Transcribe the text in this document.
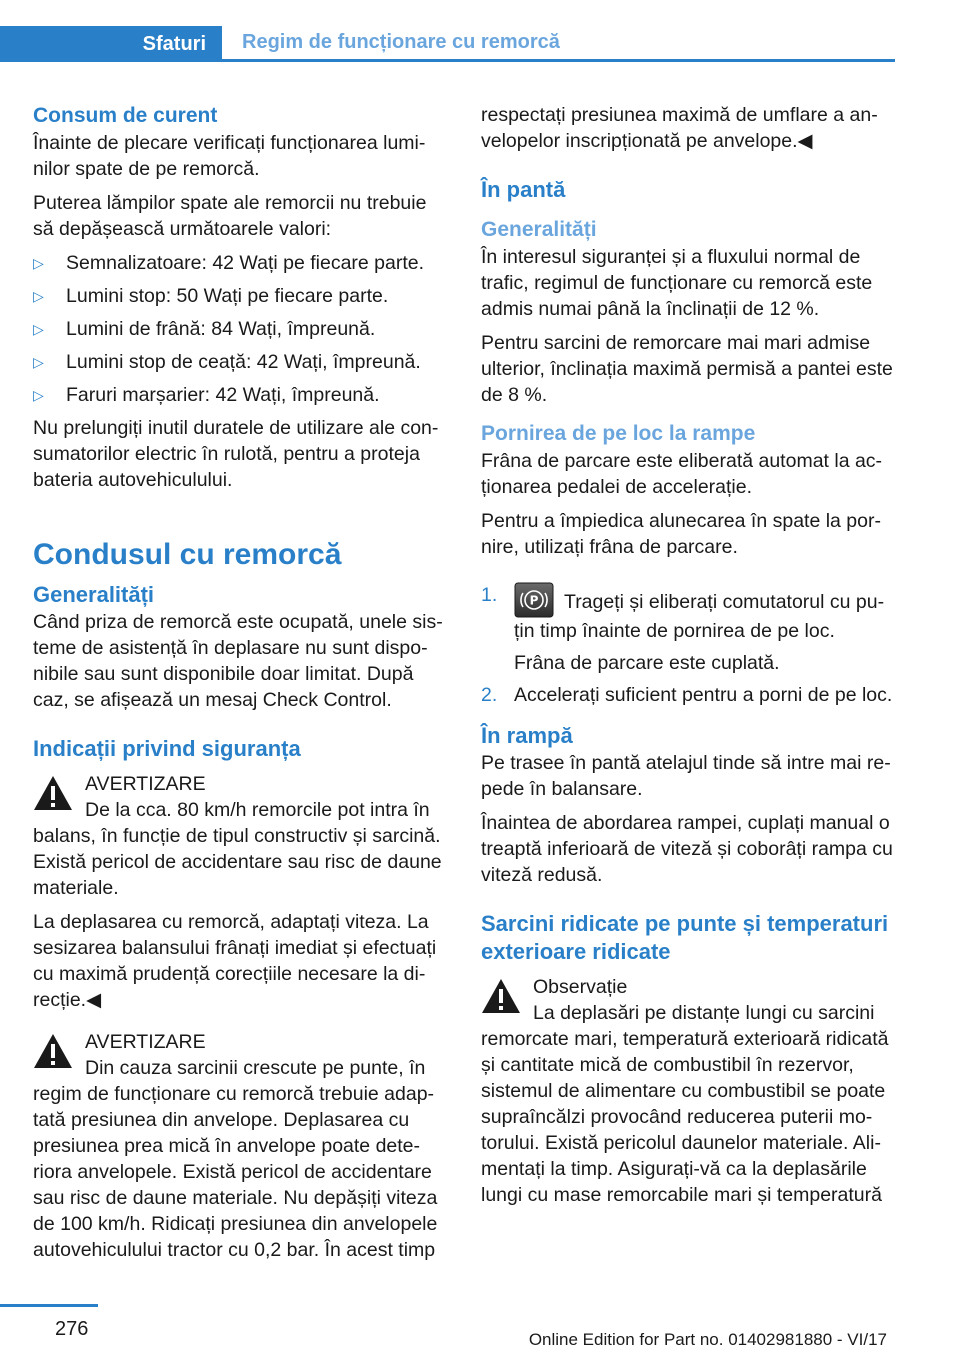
Sfaturi	Regim de funcționare cu remorcă
Consum de curent

Înainte de plecare verificați funcționarea lumi-nilor spate de pe remorcă.

Puterea lămpilor spate ale remorcii nu trebuie să depășească următoarele valori:

▷ Semnalizatoare: 42 Wați pe fiecare parte.
▷ Lumini stop: 50 Wați pe fiecare parte.
▷ Lumini de frână: 84 Wați, împreună.
▷ Lumini stop de ceață: 42 Wați, împreună.
▷ Faruri marșarier: 42 Wați, împreună.

Nu prelungiți inutil duratele de utilizare ale con-sumatorilor electric în rulotă, pentru a proteja bateria autovehiculului.

Condusul cu remorcă
Generalități

Când priza de remorcă este ocupată, unele sis-teme de asistență în deplasare nu sunt dispo-nibile sau sunt disponibile doar limitat. După caz, se afișează un mesaj Check Control.

Indicații privind siguranța
AVERTIZARE
De la cca. 80 km/h remorcile pot intra în balans, în funcție de tipul constructiv și sarcină. Există pericol de accidentare sau risc de daune materiale.

La deplasarea cu remorcă, adaptați viteza. La sesizarea balansului frânați imediat și efectuați cu maximă prudență corecțiile necesare la di-recție.◀

AVERTIZARE
Din cauza sarcinii crescute pe punte, în regim de funcționare cu remorcă trebuie adap-tată presiunea din anvelope. Deplasarea cu presiunea prea mică în anvelope poate dete-riora anvelopele. Există pericol de accidentare sau risc de daune materiale. Nu depășiți viteza de 100 km/h. Ridicați presiunea din anvelopele autovehiculului tractor cu 0,2 bar. În acest timp

respectați presiunea maximă de umflare a an-velopelor inscripționată pe anvelope.◀

În pantă
Generalități

În interesul siguranței și a fluxului normal de trafic, regimul de funcționare cu remorcă este admis numai până la înclinații de 12 %.

Pentru sarcini de remorcare mai mari admise ulterior, înclinația maximă permisă a pantei este de 8 %.

Pornirea de pe loc la rampe

Frâna de parcare este eliberată automat la ac-ționarea pedalei de accelerație.

Pentru a împiedica alunecarea în spate la por-nire, utilizați frâna de parcare.

1.	P Trageți și eliberați comutatorul cu pu-țin timp înainte de pornirea de pe loc.
Frâna de parcare este cuplată.
2. Accelerați suficient pentru a porni de pe loc.
În rampă

Pe trasee în pantă atelajul tinde să intre mai re-pede în balansare.

Înaintea de abordarea rampei, cuplați manual o treaptă inferioară de viteză și coborâți rampa cu viteză redusă.

Sarcini ridicate pe punte și temperaturi exterioare ridicate
Observație
La deplasări pe distanțe lungi cu sarcini remorcate mari, temperatură exterioară ridicată și cantitate mică de combustibil în rezervor, sistemul de alimentare cu combustibil se poate supraîncălzi provocând reducerea puterii mo-torului. Există pericolul daunelor materiale. Ali-mentați la timp. Asigurați-vă ca la deplasările lungi cu mase remorcabile mari și temperatură
276	Online Edition for Part no. 01402981880 - VI/17
